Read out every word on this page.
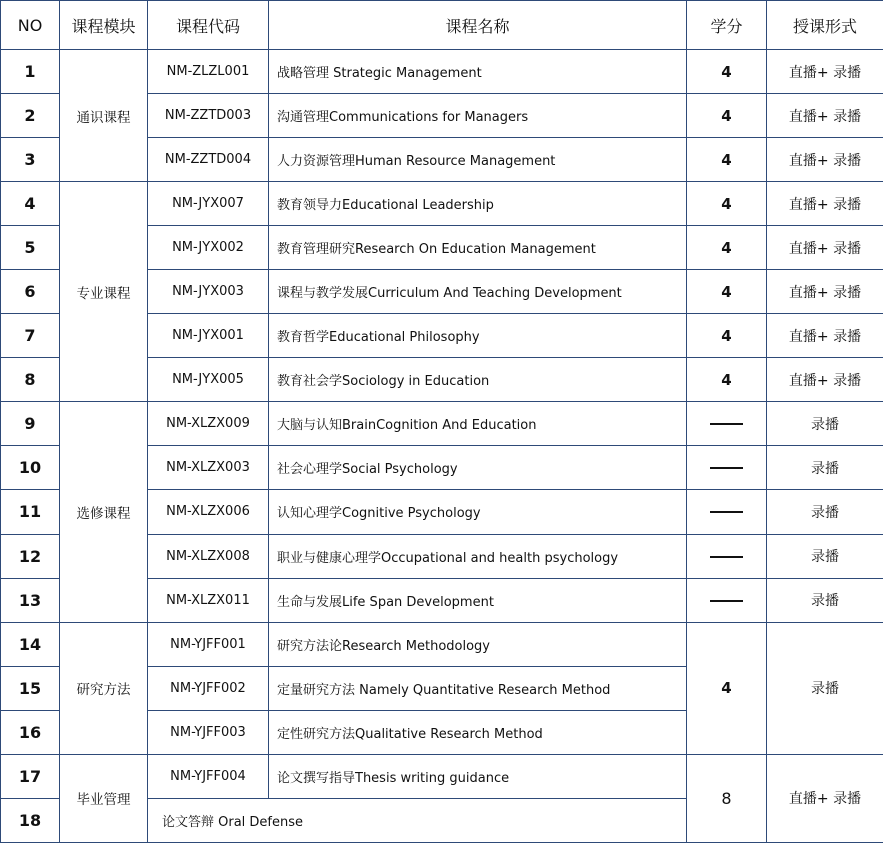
NO	课程模块	课程代码	课程名称	学分	授课形式
1	通识课程	NM-ZLZL001	战略管理 Strategic Management	4	直播+ 录播
2		NM-ZZTD003	沟通管理Communications for Managers	4	直播+ 录播
3		NM-ZZTD004	人力资源管理Human Resource Management	4	直播+ 录播
4	专业课程	NM-JYX007	教育领导力Educational Leadership	4	直播+ 录播
5		NM-JYX002	教育管理研究Research On Education Management	4	直播+ 录播
6		NM-JYX003	课程与教学发展Curriculum And Teaching Development	4	直播+ 录播
7		NM-JYX001	教育哲学Educational Philosophy	4	直播+ 录播
8		NM-JYX005	教育社会学Sociology in Education	4	直播+ 录播
9	选修课程	NM-XLZX009	大脑与认知BrainCognition And Education		录播
10		NM-XLZX003	社会心理学Social Psychology		录播
11		NM-XLZX006	认知心理学Cognitive Psychology		录播
12		NM-XLZX008	职业与健康心理学Occupational and health psychology		录播
13		NM-XLZX011	生命与发展Life Span Development		录播
14	研究方法	NM-YJFF001	研究方法论Research Methodology	4	录播
15		NM-YJFF002	定量研究方法 Namely Quantitative Research Method		
16		NM-YJFF003	定性研究方法Qualitative Research Method		
17	毕业管理	NM-YJFF004	论文撰写指导Thesis writing guidance	8	直播+ 录播
18		论文答辩 Oral Defense			
